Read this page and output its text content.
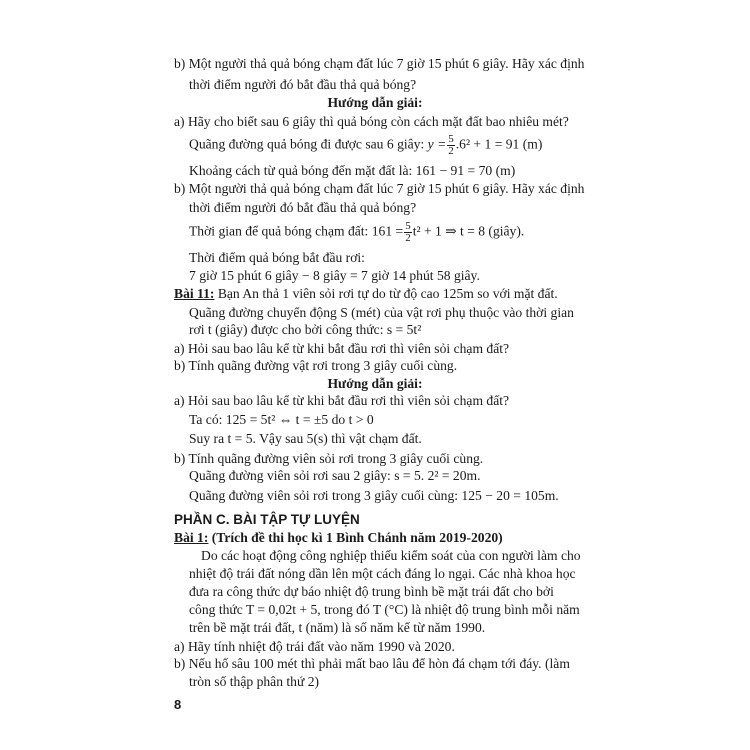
b) Một người thả quả bóng chạm đất lúc 7 giờ 15 phút 6 giây. Hãy xác định
thời điểm người đó bắt đầu thả quả bóng?
Hướng dẫn giải:
a) Hãy cho biết sau 6 giây thì quả bóng còn cách mặt đất bao nhiêu mét?
Quãng đường quả bóng đi được sau 6 giây: $y = \frac{5}{2} .6^2 + 1 = 91$ (m)
Khoảng cách từ quả bóng đến mặt đất là: 161 − 91 = 70 (m)
b) Một người thả quả bóng chạm đất lúc 7 giờ 15 phút 6 giây. Hãy xác định
thời điểm người đó bắt đầu thả quả bóng?
Thời gian để quả bóng chạm đất: $161 = \frac{5}{2} t^2 + 1$ ⇒ t = 8 (giây).
Thời điểm quả bóng bắt đầu rơi:
7 giờ 15 phút 6 giây − 8 giây = 7 giờ 14 phút 58 giây.
Bài 11: Bạn An thả 1 viên sỏi rơi tự do từ độ cao 125m so với mặt đất.
Quãng đường chuyển động S (mét) của vật rơi phụ thuộc vào thời gian
rơi t (giây) được cho bởi công thức: s = 5t²
a) Hỏi sau bao lâu kể từ khi bắt đầu rơi thì viên sỏi chạm đất?
b) Tính quãng đường vật rơi trong 3 giây cuối cùng.
Hướng dẫn giải:
a) Hỏi sau bao lâu kể từ khi bắt đầu rơi thì viên sỏi chạm đất?
Ta có: 125 = 5t² ⇔ t = ±5 do t > 0
Suy ra t = 5. Vậy sau 5(s) thì vật chạm đất.
b) Tính quãng đường viên sỏi rơi trong 3 giây cuối cùng.
Quãng đường viên sỏi rơi sau 2 giây: s = 5. 2² = 20m.
Quãng đường viên sỏi rơi trong 3 giây cuối cùng: 125 − 20 = 105m.
PHẦN C. BÀI TẬP TỰ LUYỆN
Bài 1: (Trích đề thi học kì 1 Bình Chánh năm 2019-2020)
Do các hoạt động công nghiệp thiếu kiểm soát của con người làm cho
nhiệt độ trái đất nóng dần lên một cách đáng lo ngại. Các nhà khoa học
đưa ra công thức dự báo nhiệt độ trung bình bề mặt trái đất cho bởi
công thức T = 0,02t + 5, trong đó T (°C) là nhiệt độ trung bình mỗi năm
trên bề mặt trái đất, t (năm) là số năm kể từ năm 1990.
a) Hãy tính nhiệt độ trái đất vào năm 1990 và 2020.
b) Nếu hố sâu 100 mét thì phải mất bao lâu để hòn đá chạm tới đáy. (làm
tròn số thập phân thứ 2)
8
